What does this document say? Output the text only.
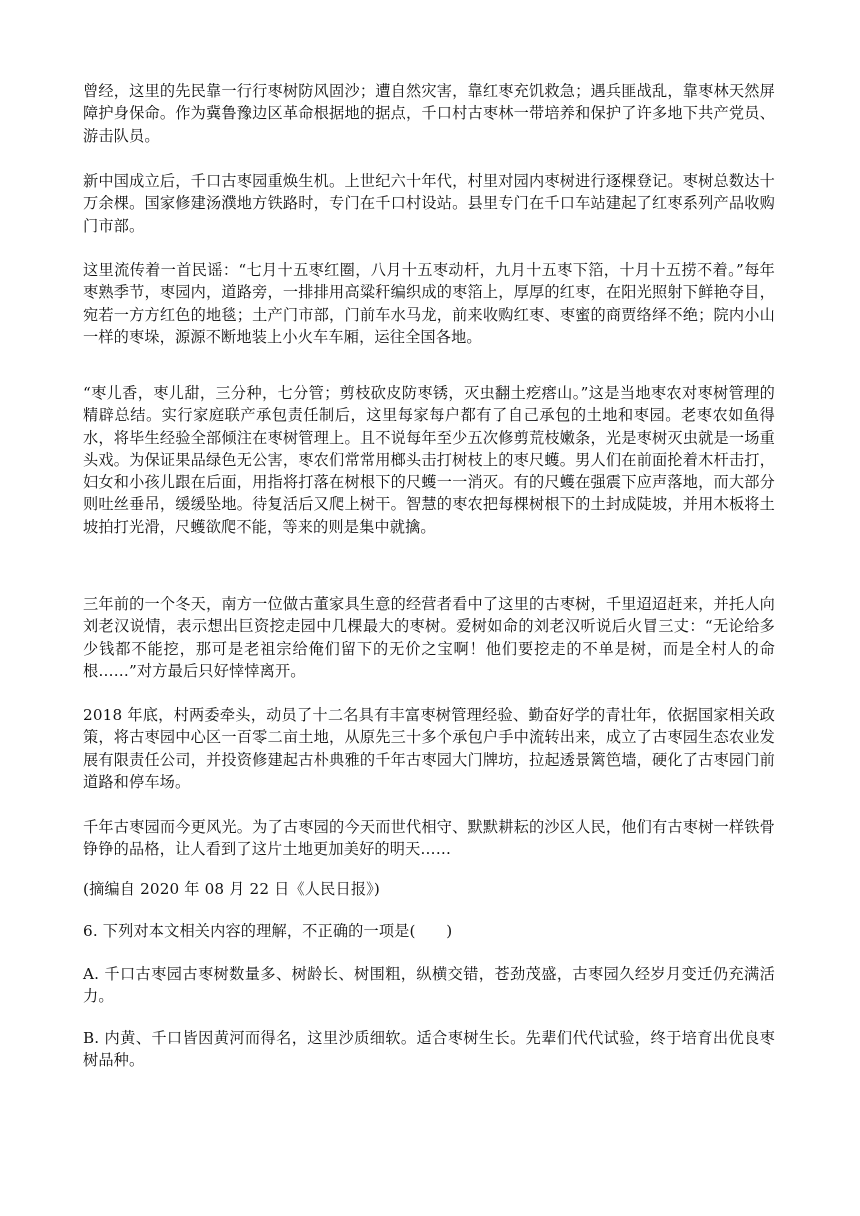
曾经，这里的先民靠一行行枣树防风固沙；遭自然灾害，靠红枣充饥救急；遇兵匪战乱，靠枣林天然屏障护身保命。作为冀鲁豫边区革命根据地的据点，千口村古枣林一带培养和保护了许多地下共产党员、游击队员。

新中国成立后，千口古枣园重焕生机。上世纪六十年代，村里对园内枣树进行逐棵登记。枣树总数达十万余棵。国家修建汤濮地方铁路时，专门在千口村设站。县里专门在千口车站建起了红枣系列产品收购门市部。

这里流传着一首民谣：“七月十五枣红圈，八月十五枣动杆，九月十五枣下箔，十月十五捞不着。”每年枣熟季节，枣园内，道路旁，一排排用高粱秆编织成的枣箔上，厚厚的红枣，在阳光照射下鲜艳夺目，宛若一方方红色的地毯；土产门市部，门前车水马龙，前来收购红枣、枣蜜的商贾络绎不绝；院内小山一样的枣垛，源源不断地装上小火车车厢，运往全国各地。

“枣儿香，枣儿甜，三分种，七分管；剪枝砍皮防枣锈，灭虫翻土疙瘩山。”这是当地枣农对枣树管理的精辟总结。实行家庭联产承包责任制后，这里每家每户都有了自己承包的土地和枣园。老枣农如鱼得水，将毕生经验全部倾注在枣树管理上。且不说每年至少五次修剪荒枝嫩条，光是枣树灭虫就是一场重头戏。为保证果品绿色无公害，枣农们常常用榔头击打树枝上的枣尺蠖。男人们在前面抡着木杆击打，妇女和小孩儿跟在后面，用指将打落在树根下的尺蠖一一消灭。有的尺蠖在强震下应声落地，而大部分则吐丝垂吊，缓缓坠地。待复活后又爬上树干。智慧的枣农把每棵树根下的土封成陡坡，并用木板将土坡拍打光滑，尺蠖欲爬不能，等来的则是集中就擒。

三年前的一个冬天，南方一位做古董家具生意的经营者看中了这里的古枣树，千里迢迢赶来，并托人向刘老汉说情，表示想出巨资挖走园中几棵最大的枣树。爱树如命的刘老汉听说后火冒三丈：“无论给多少钱都不能挖，那可是老祖宗给俺们留下的无价之宝啊！他们要挖走的不单是树，而是全村人的命根……”对方最后只好悻悻离开。

2018 年底，村两委牵头，动员了十二名具有丰富枣树管理经验、勤奋好学的青壮年，依据国家相关政策，将古枣园中心区一百零二亩土地，从原先三十多个承包户手中流转出来，成立了古枣园生态农业发展有限责任公司，并投资修建起古朴典雅的千年古枣园大门牌坊，拉起透景篱笆墙，硬化了古枣园门前道路和停车场。

千年古枣园而今更风光。为了古枣园的今天而世代相守、默默耕耘的沙区人民，他们有古枣树一样铁骨铮铮的品格，让人看到了这片土地更加美好的明天……

(摘编自 2020 年 08 月 22 日《人民日报》)

6. 下列对本文相关内容的理解，不正确的一项是(　　)

A. 千口古枣园古枣树数量多、树龄长、树围粗，纵横交错，苍劲茂盛，古枣园久经岁月变迁仍充满活力。

B. 内黄、千口皆因黄河而得名，这里沙质细软。适合枣树生长。先辈们代代试验，终于培育出优良枣树品种。
